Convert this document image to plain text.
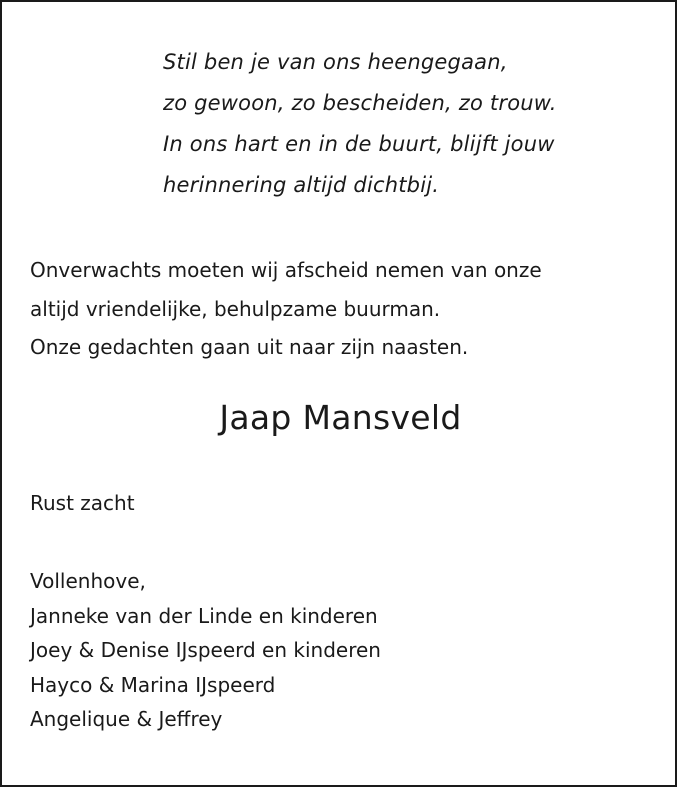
Stil ben je van ons heengegaan,
zo gewoon, zo bescheiden, zo trouw.
In ons hart en in de buurt, blijft jouw
herinnering altijd dichtbij.
Onverwachts moeten wij afscheid nemen van onze
altijd vriendelijke, behulpzame buurman.
Onze gedachten gaan uit naar zijn naasten.
Jaap Mansveld
Rust zacht
Vollenhove,
Janneke van der Linde en kinderen
Joey & Denise IJspeerd en kinderen
Hayco & Marina IJspeerd
Angelique & Jeffrey
